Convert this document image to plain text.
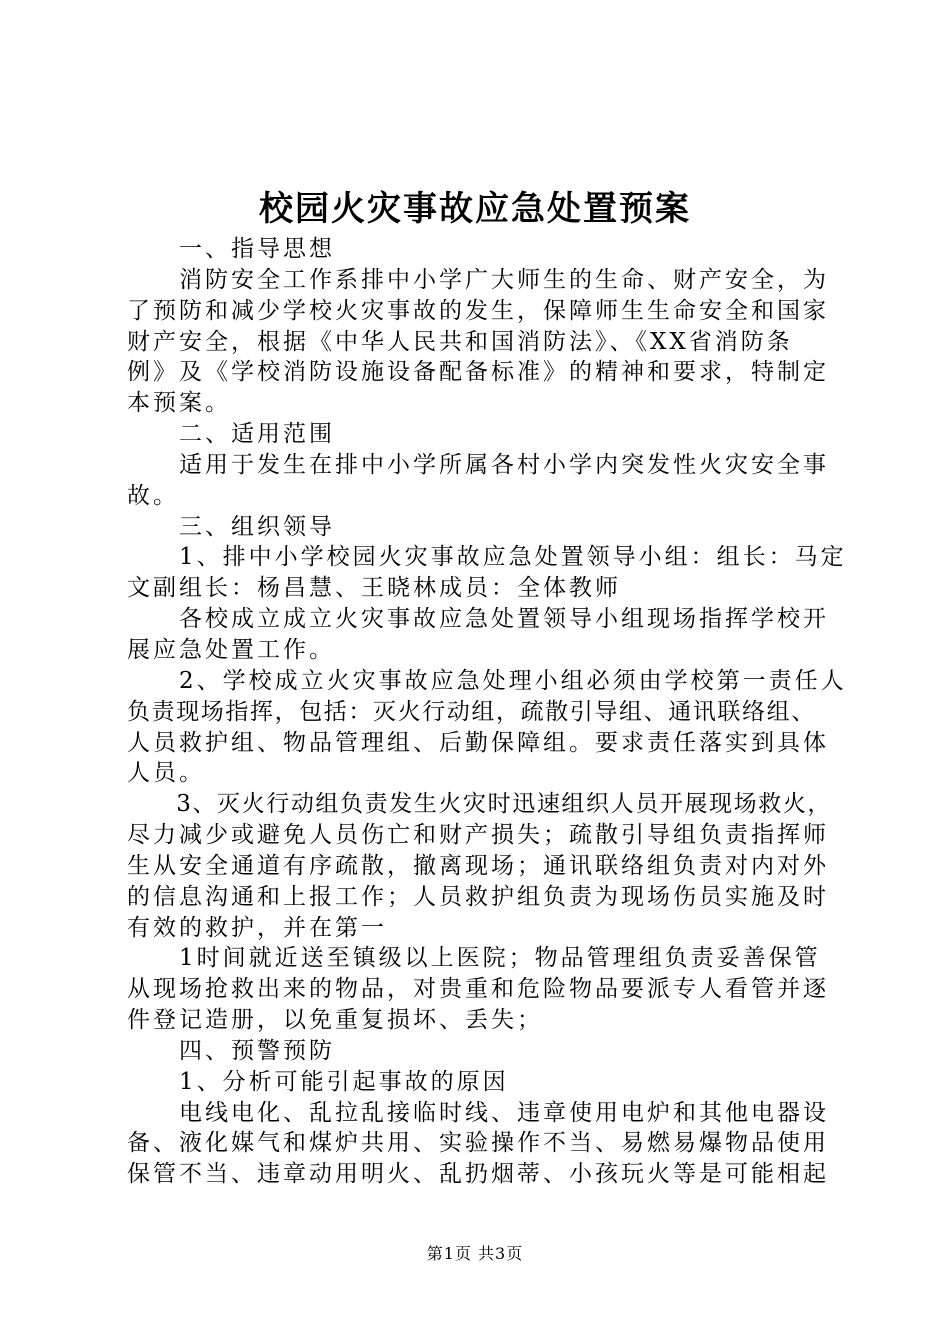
校园火灾事故应急处置预案
　　一、指导思想
　　消防安全工作系排中小学广大师生的生命、财产安全，为
了预防和减少学校火灾事故的发生，保障师生生命安全和国家
财产安全，根据《中华人民共和国消防法》、《XX省消防条
例》及《学校消防设施设备配备标准》的精神和要求，特制定
本预案。
　　二、适用范围
　　适用于发生在排中小学所属各村小学内突发性火灾安全事
故。
　　三、组织领导
　　1、排中小学校园火灾事故应急处置领导小组：组长：马定
文副组长：杨昌慧、王晓林成员：全体教师
　　各校成立成立火灾事故应急处置领导小组现场指挥学校开
展应急处置工作。
　　2、学校成立火灾事故应急处理小组必须由学校第一责任人
负责现场指挥，包括：灭火行动组，疏散引导组、通讯联络组、
人员救护组、物品管理组、后勤保障组。要求责任落实到具体
人员。
　　3、灭火行动组负责发生火灾时迅速组织人员开展现场救火，
尽力减少或避免人员伤亡和财产损失；疏散引导组负责指挥师
生从安全通道有序疏散，撤离现场；通讯联络组负责对内对外
的信息沟通和上报工作；人员救护组负责为现场伤员实施及时
有效的救护，并在第一
　　1时间就近送至镇级以上医院；物品管理组负责妥善保管
从现场抢救出来的物品，对贵重和危险物品要派专人看管并逐
件登记造册，以免重复损坏、丢失；
　　四、预警预防
　　1、分析可能引起事故的原因
　　电线电化、乱拉乱接临时线、违章使用电炉和其他电器设
备、液化媒气和煤炉共用、实验操作不当、易燃易爆物品使用
保管不当、违章动用明火、乱扔烟蒂、小孩玩火等是可能相起
第1页 共3页
